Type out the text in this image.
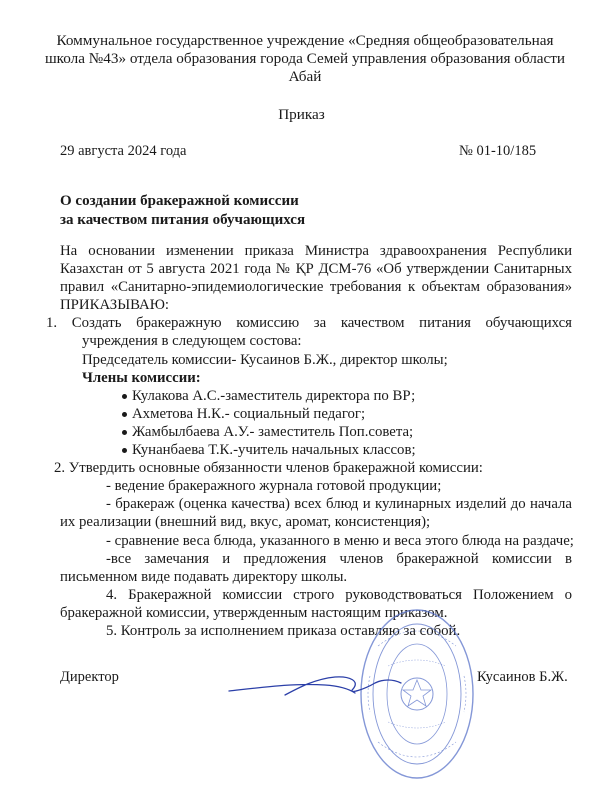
Коммунальное государственное учреждение «Средняя общеобразовательная
школа №43» отдела образования города Семей управления образования области
Абай
Приказ
29 августа 2024 года	№ 01-10/185
О создании бракеражной комиссии
за качеством питания обучающихся
На основании изменении приказа Министра здравоохранения Республики
Казахстан от 5 августа 2021 года № ҚР ДСМ-76 «Об утверждении Санитарных
правил «Санитарно-эпидемиологические требования к объектам образования»
ПРИКАЗЫВАЮ:
1. Создать бракеражную комиссию за качеством питания обучающихся
учреждения в следующем состова:
Председатель комиссии- Кусаинов Б.Ж., директор школы;
Члены комиссии:
Кулакова А.С.-заместитель директора по ВР;
Ахметова Н.К.- социальный педагог;
Жамбылбаева А.У.- заместитель Поп.совета;
Кунанбаева Т.К.-учитель начальных классов;
2. Утвердить основные обязанности членов бракеражной комиссии:
- ведение бракеражного журнала готовой продукции;
- бракераж (оценка качества) всех блюд и кулинарных изделий до начала
их реализации (внешний вид, вкус, аромат, консистенция);
- сравнение веса блюда, указанного в меню и веса этого блюда на раздаче;
-все замечания и предложения членов бракеражной комиссии в
письменном виде подавать директору школы.
4. Бракеражной комиссии строго руководствоваться Положением о
бракеражной комиссии, утвержденным настоящим приказом.
5. Контроль за исполнением приказа оставляю за собой.
Директор	Кусаинов Б.Ж.
